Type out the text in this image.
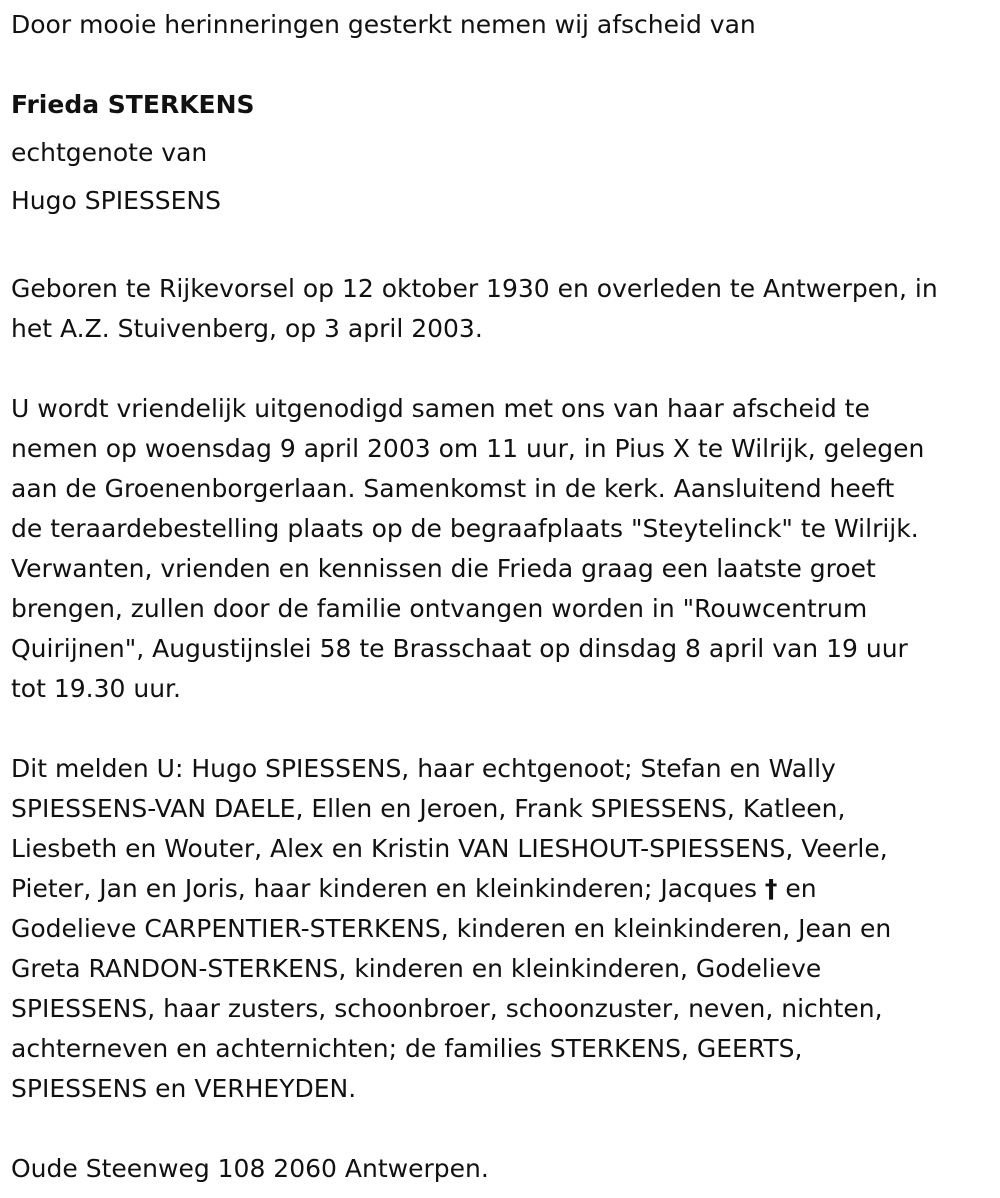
Door mooie herinneringen gesterkt nemen wij afscheid van

Frieda STERKENS

echtgenote van

Hugo SPIESSENS

Geboren te Rijkevorsel op 12 oktober 1930 en overleden te Antwerpen, in
het A.Z. Stuivenberg, op 3 april 2003.
U wordt vriendelijk uitgenodigd samen met ons van haar afscheid te
nemen op woensdag 9 april 2003 om 11 uur, in Pius X te Wilrijk, gelegen
aan de Groenenborgerlaan. Samenkomst in de kerk. Aansluitend heeft
de teraardebestelling plaats op de begraafplaats "Steytelinck" te Wilrijk.
Verwanten, vrienden en kennissen die Frieda graag een laatste groet
brengen, zullen door de familie ontvangen worden in "Rouwcentrum
Quirijnen", Augustijnslei 58 te Brasschaat op dinsdag 8 april van 19 uur
tot 19.30 uur.
Dit melden U: Hugo SPIESSENS, haar echtgenoot; Stefan en Wally
SPIESSENS-VAN DAELE, Ellen en Jeroen, Frank SPIESSENS, Katleen,
Liesbeth en Wouter, Alex en Kristin VAN LIESHOUT-SPIESSENS, Veerle,
Pieter, Jan en Joris, haar kinderen en kleinkinderen; Jacques † en
Godelieve CARPENTIER-STERKENS, kinderen en kleinkinderen, Jean en
Greta RANDON-STERKENS, kinderen en kleinkinderen, Godelieve
SPIESSENS, haar zusters, schoonbroer, schoonzuster, neven, nichten,
achterneven en achternichten; de families STERKENS, GEERTS,
SPIESSENS en VERHEYDEN.

Oude Steenweg 108 2060 Antwerpen.
